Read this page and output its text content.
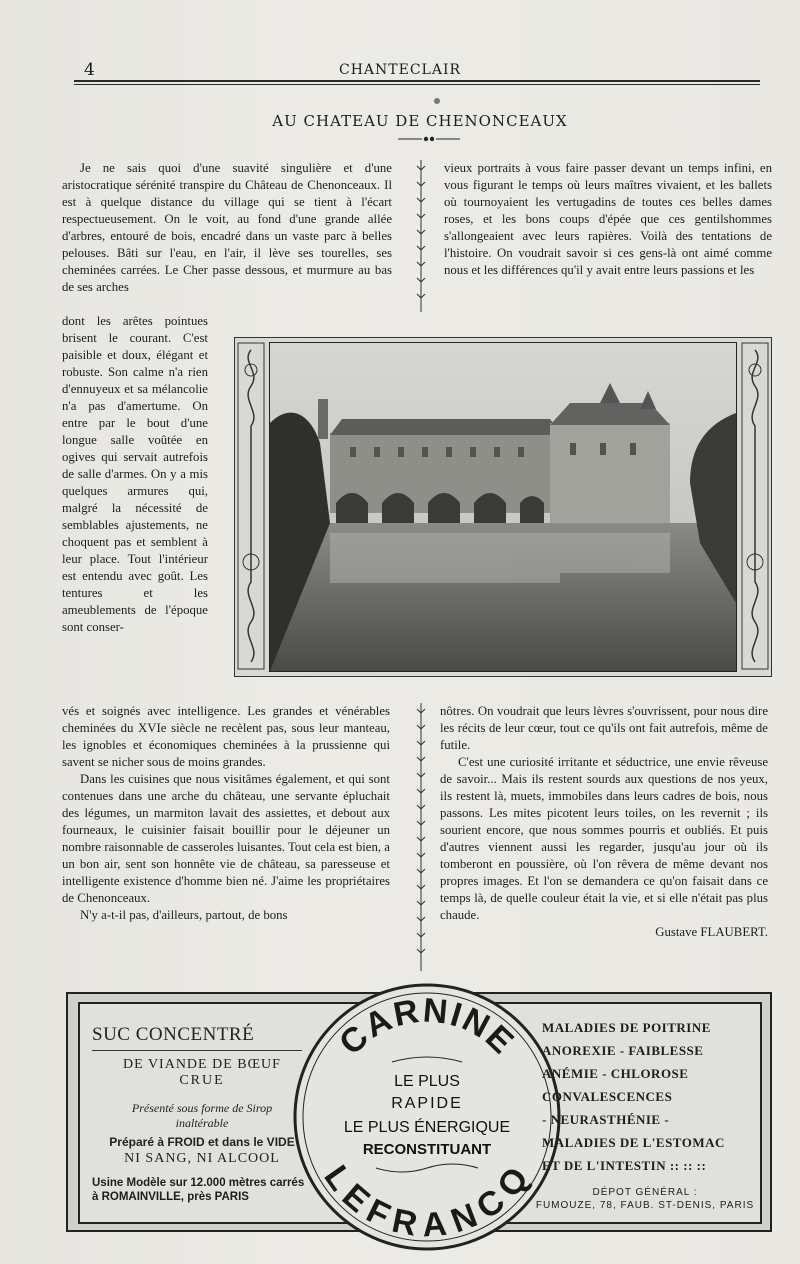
4	CHANTECLAIR
AU CHATEAU DE CHENONCEAUX

Je ne sais quoi d'une suavité singulière et d'une aristocratique sérénité transpire du Château de Chenonceaux. Il est à quelque distance du village qui se tient à l'écart respectueusement. On le voit, au fond d'une grande allée d'arbres, entouré de bois, encadré dans un vaste parc à belles pelouses. Bâti sur l'eau, en l'air, il lève ses tourelles, ses cheminées carrées. Le Cher passe dessous, et murmure au bas de ses arches

vieux portraits à vous faire passer devant un temps infini, en vous figurant le temps où leurs maîtres vivaient, et les ballets où tournoyaient les vertugadins de toutes ces belles dames roses, et les bons coups d'épée que ces gentilshommes s'allongeaient avec leurs rapières. Voilà des tentations de l'histoire. On voudrait savoir si ces gens-là ont aimé comme nous et les différences qu'il y avait entre leurs passions et les

dont les arêtes pointues brisent le courant. C'est paisible et doux, élégant et robuste. Son calme n'a rien d'ennuyeux et sa mélancolie n'a pas d'amertume. On entre par le bout d'une longue salle voûtée en ogives qui servait autrefois de salle d'armes. On y a mis quelques armures qui, malgré la nécessité de semblables ajustements, ne choquent pas et semblent à leur place. Tout l'intérieur est entendu avec goût. Les tentures et les ameublements de l'époque sont conser-

vés et soignés avec intelligence. Les grandes et vénérables cheminées du XVIe siècle ne recèlent pas, sous leur manteau, les ignobles et économiques cheminées à la prussienne qui savent se nicher sous de moins grandes.

Dans les cuisines que nous visitâmes également, et qui sont contenues dans une arche du château, une servante épluchait des légumes, un marmiton lavait des assiettes, et debout aux fourneaux, le cuisinier faisait bouillir pour le déjeuner un nombre raisonnable de casseroles luisantes. Tout cela est bien, a un bon air, sent son honnête vie de château, sa paresseuse et intelligente existence d'homme bien né. J'aime les propriétaires de Chenonceaux.

N'y a-t-il pas, d'ailleurs, partout, de bons

nôtres. On voudrait que leurs lèvres s'ouvrissent, pour nous dire les récits de leur cœur, tout ce qu'ils ont fait autrefois, même de futile.

C'est une curiosité irritante et séductrice, une envie rêveuse de savoir... Mais ils restent sourds aux questions de nos yeux, ils restent là, muets, immobiles dans leurs cadres de bois, nous passons. Les mites picotent leurs toiles, on les revernit ; ils sourient encore, que nous sommes pourris et oubliés. Et puis d'autres viennent aussi les regarder, jusqu'au jour où ils tomberont en poussière, où l'on rêvera de même devant nos propres images. Et l'on se demandera ce qu'on faisait dans ce temps là, de quelle couleur était la vie, et si elle n'était pas plus chaude.

Gustave FLAUBERT.

SUC CONCENTRÉ
DE VIANDE DE BŒUF
CRUE
Présenté sous forme de Sirop
inaltérable
Préparé à FROID et dans le VIDE
NI SANG, NI ALCOOL
Usine Modèle sur 12.000 mètres carrés
à ROMAINVILLE, près PARIS
CARNINE
LEFRANCQ
LE PLUS
RAPIDE
LE PLUS ÉNERGIQUE
RECONSTITUANT
MALADIES DE POITRINE
ANOREXIE - FAIBLESSE
ANÉMIE - CHLOROSE
CONVALESCENCES
- NEURASTHÉNIE -
MALADIES DE L'ESTOMAC
ET DE L'INTESTIN :: :: ::
DÉPOT GÉNÉRAL :
FUMOUZE, 78, FAUB. ST-DENIS, PARIS
